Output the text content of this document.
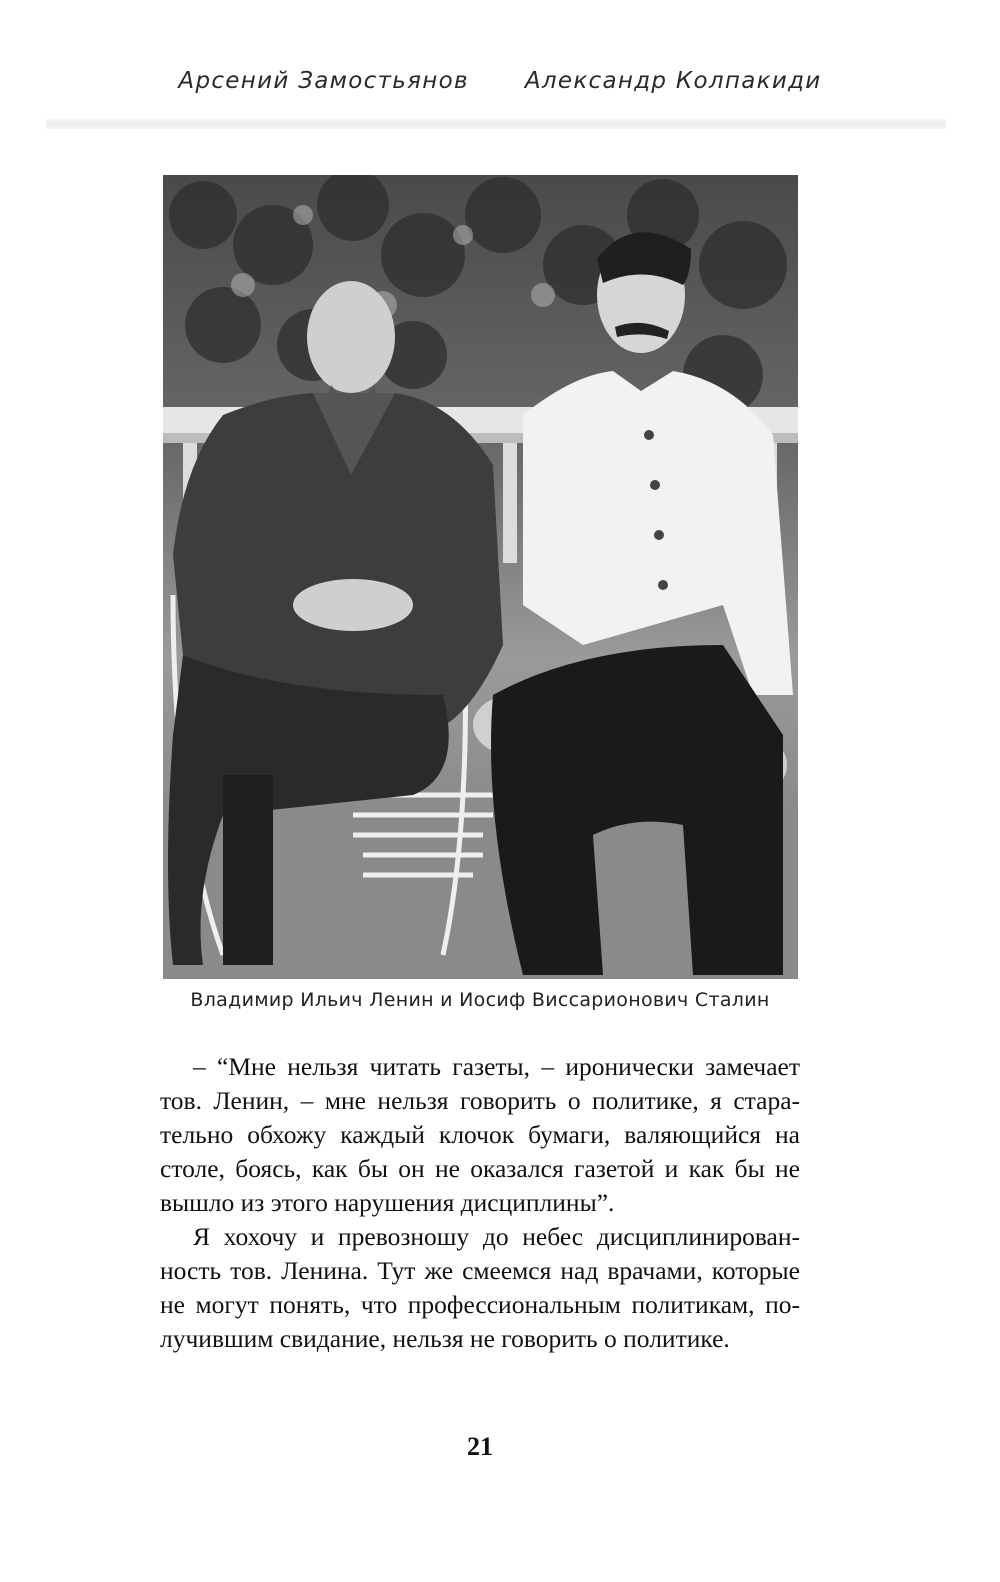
Арсений Замостьянов Александр Колпакиди
Владимир Ильич Ленин и Иосиф Виссарионович Сталин
– “Мне нельзя читать газеты, – иронически замечает
тов. Ленин, – мне нельзя говорить о политике, я стара-
тельно обхожу каждый клочок бумаги, валяющийся на
столе, боясь, как бы он не оказался газетой и как бы не
вышло из этого нарушения дисциплины”.
Я хохочу и превозношу до небес дисциплинирован-
ность тов. Ленина. Тут же смеемся над врачами, которые
не могут понять, что профессиональным политикам, по-
лучившим свидание, нельзя не говорить о политике.
21
